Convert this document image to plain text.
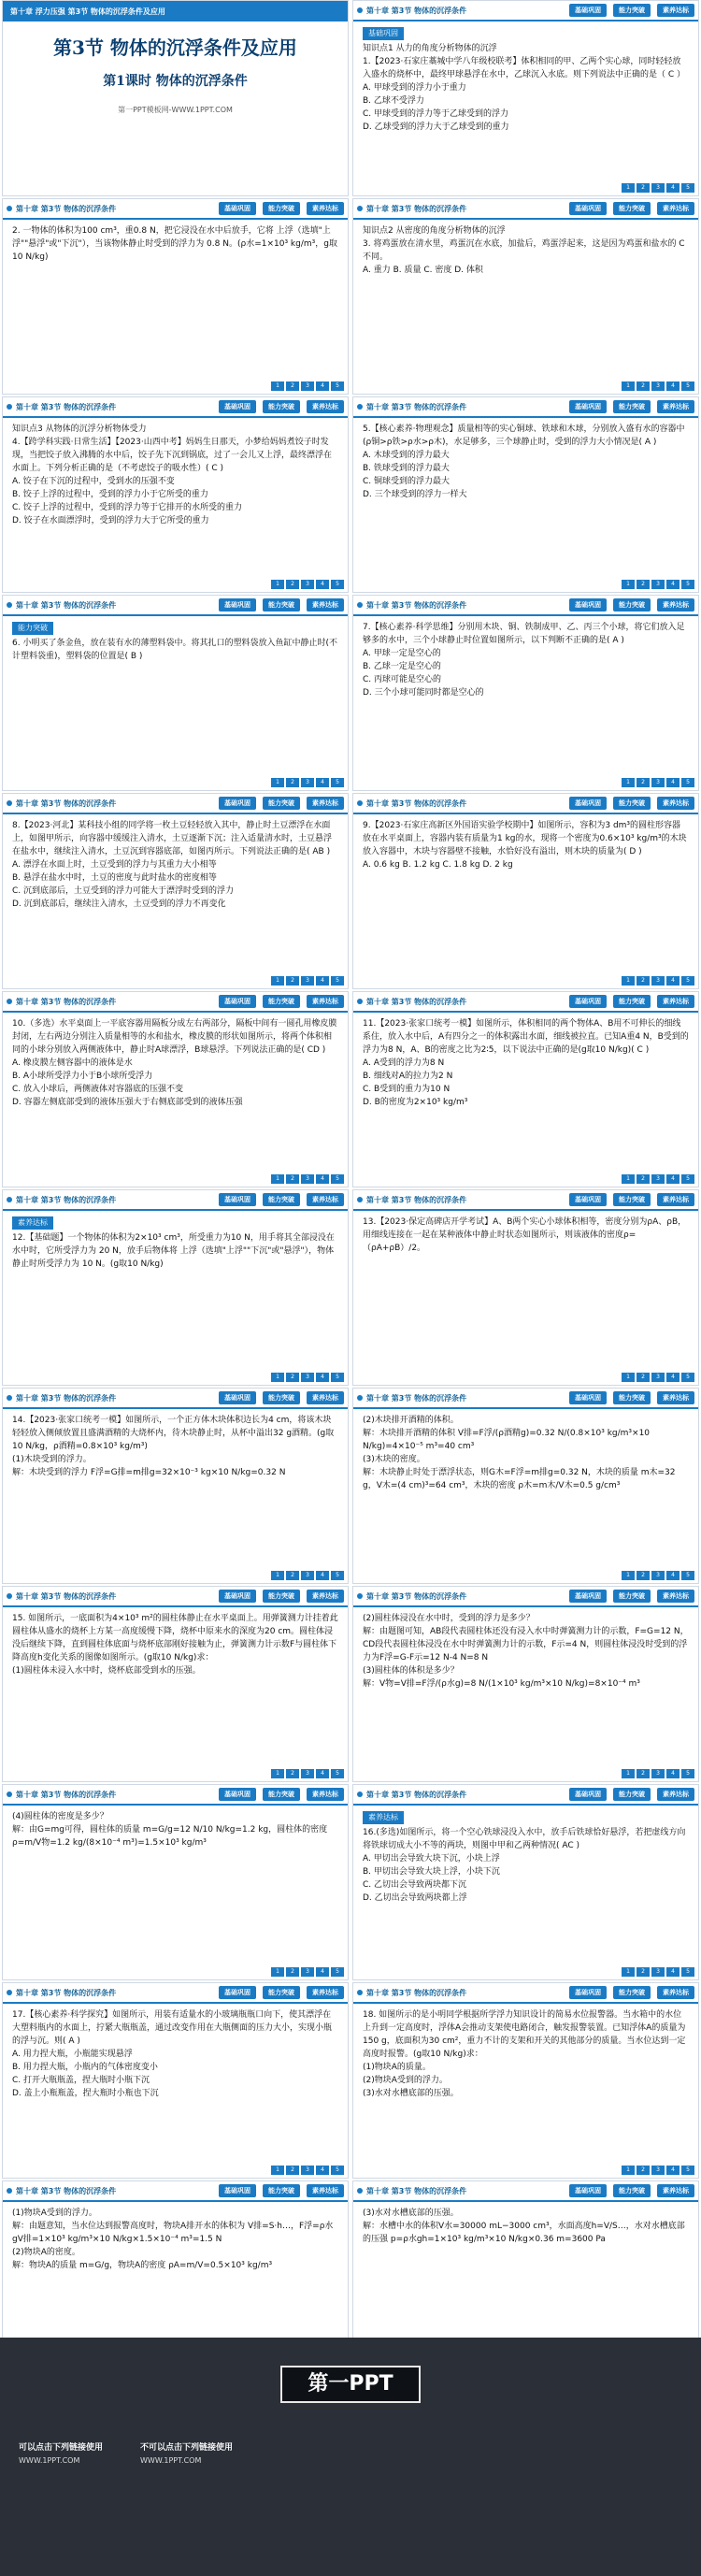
第十章 浮力压强 第3节 物体的沉浮条件及应用
第3节 物体的沉浮条件及应用
第1课时 物体的沉浮条件
第一PPT模板网-WWW.1PPT.COM
第十章 第3节 物体的沉浮条件	基础巩固	能力突破	素养达标
基础巩固

知识点1 从力的角度分析物体的沉浮
1.【2023·石家庄藁城中学八年级校联考】体积相同的甲、乙两个实心球，同时轻轻放入盛水的烧杯中，最终甲球悬浮在水中，乙球沉入水底。则下列说法中正确的是（ C ）
A. 甲球受到的浮力小于重力
B. 乙球不受浮力
C. 甲球受到的浮力等于乙球受到的浮力
D. 乙球受到的浮力大于乙球受到的重力

1	2	3	4	5
第十章 第3节 物体的沉浮条件	基础巩固	能力突破	素养达标

2. 一物体的体积为100 cm³，重0.8 N，把它浸没在水中后放手，它将 上浮（选填"上浮""悬浮"或"下沉"），当该物体静止时受到的浮力为 0.8 N。(ρ水=1×10³ kg/m³，g取10 N/kg)

1	2	3	4	5
第十章 第3节 物体的沉浮条件	基础巩固	能力突破	素养达标

知识点2 从密度的角度分析物体的沉浮
3. 将鸡蛋放在清水里，鸡蛋沉在水底，加盐后，鸡蛋浮起来，这是因为鸡蛋和盐水的 C 不同。
A. 重力 B. 质量 C. 密度 D. 体积

1	2	3	4	5
第十章 第3节 物体的沉浮条件	基础巩固	能力突破	素养达标

知识点3 从物体的沉浮分析物体受力
4.【跨学科实践·日常生活】【2023·山西中考】妈妈生日那天，小梦给妈妈煮饺子时发现，当把饺子放入沸腾的水中后，饺子先下沉到锅底，过了一会儿又上浮，最终漂浮在水面上。下列分析正确的是（不考虑饺子的吸水性）( C )
A. 饺子在下沉的过程中，受到水的压强不变
B. 饺子上浮的过程中，受到的浮力小于它所受的重力
C. 饺子上浮的过程中，受到的浮力等于它排开的水所受的重力
D. 饺子在水面漂浮时，受到的浮力大于它所受的重力

1	2	3	4	5
第十章 第3节 物体的沉浮条件	基础巩固	能力突破	素养达标

5.【核心素养·物理观念】质量相等的实心铜球、铁球和木球，分别放入盛有水的容器中(ρ铜>ρ铁>ρ水>ρ木)，水足够多，三个球静止时，受到的浮力大小情况是( A )
A. 木球受到的浮力最大
B. 铁球受到的浮力最大
C. 铜球受到的浮力最大
D. 三个球受到的浮力一样大

1	2	3	4	5
第十章 第3节 物体的沉浮条件	基础巩固	能力突破	素养达标
能力突破

6. 小明买了条金鱼，放在装有水的薄塑料袋中。将其扎口的塑料袋放入鱼缸中静止时(不计塑料袋重)，塑料袋的位置是( B )

1	2	3	4	5
第十章 第3节 物体的沉浮条件	基础巩固	能力突破	素养达标

7.【核心素养·科学思维】分别用木块、铜、铁制成甲、乙、丙三个小球，将它们放入足够多的水中，三个小球静止时位置如图所示，以下判断不正确的是( A )
A. 甲球一定是空心的
B. 乙球一定是空心的
C. 丙球可能是空心的
D. 三个小球可能同时都是空心的

1	2	3	4	5
第十章 第3节 物体的沉浮条件	基础巩固	能力突破	素养达标

8.【2023·河北】某科技小组的同学将一枚土豆轻轻放入其中，静止时土豆漂浮在水面上，如图甲所示，向容器中缓缓注入清水，土豆逐渐下沉；注入适量清水时，土豆悬浮在盐水中，继续注入清水，土豆沉到容器底部，如图丙所示。下列说法正确的是( AB )
A. 漂浮在水面上时，土豆受到的浮力与其重力大小相等
B. 悬浮在盐水中时，土豆的密度与此时盐水的密度相等
C. 沉到底部后，土豆受到的浮力可能大于漂浮时受到的浮力
D. 沉到底部后，继续注入清水，土豆受到的浮力不再变化

1	2	3	4	5
第十章 第3节 物体的沉浮条件	基础巩固	能力突破	素养达标

9.【2023·石家庄高新区外国语实验学校期中】如图所示，容积为3 dm³的圆柱形容器放在水平桌面上，容器内装有质量为1 kg的水，现将一个密度为0.6×10³ kg/m³的木块放入容器中，木块与容器壁不接触，水恰好没有溢出，则木块的质量为( D )
A. 0.6 kg B. 1.2 kg C. 1.8 kg D. 2 kg

1	2	3	4	5
第十章 第3节 物体的沉浮条件	基础巩固	能力突破	素养达标

10.（多选）水平桌面上一平底容器用隔板分成左右两部分，隔板中间有一圆孔用橡皮膜封闭，左右两边分别注入质量相等的水和盐水，橡皮膜的形状如图所示，将两个体积相同的小球分别放入两侧液体中，静止时A球漂浮，B球悬浮。下列说法正确的是( CD )
A. 橡皮膜左侧容器中的液体是水
B. A小球所受浮力小于B小球所受浮力
C. 放入小球后，两侧液体对容器底的压强不变
D. 容器左侧底部受到的液体压强大于右侧底部受到的液体压强

1	2	3	4	5
第十章 第3节 物体的沉浮条件	基础巩固	能力突破	素养达标

11.【2023·张家口统考一模】如图所示，体积相同的两个物体A、B用不可伸长的细线系住，放入水中后，A有四分之一的体积露出水面，细线被拉直。已知A重4 N，B受到的浮力为8 N，A、B的密度之比为2∶5，以下说法中正确的是(g取10 N/kg)( C )
A. A受到的浮力为8 N
B. 细线对A的拉力为2 N
C. B受到的重力为10 N
D. B的密度为2×10³ kg/m³

1	2	3	4	5
第十章 第3节 物体的沉浮条件	基础巩固	能力突破	素养达标
素养达标

12.【基础题】一个物体的体积为2×10³ cm³，所受重力为10 N，用手将其全部浸没在水中时，它所受浮力为 20 N，放手后物体将 上浮（选填"上浮""下沉"或"悬浮"），物体静止时所受浮力为 10 N。(g取10 N/kg)

1	2	3	4	5
第十章 第3节 物体的沉浮条件	基础巩固	能力突破	素养达标

13.【2023·保定高碑店开学考试】A、B两个实心小球体积相等，密度分别为ρA、ρB，用细线连接在一起在某种液体中静止时状态如图所示，则该液体的密度ρ=（ρA+ρB）/2。

1	2	3	4	5
第十章 第3节 物体的沉浮条件	基础巩固	能力突破	素养达标

14.【2023·张家口统考一模】如图所示，一个正方体木块体积边长为4 cm，将该木块轻轻放入侧倾放置且盛满酒精的大烧杯内，待木块静止时，从杯中溢出32 g酒精。(g取10 N/kg，ρ酒精=0.8×10³ kg/m³)
(1)木块受到的浮力。
解：木块受到的浮力 F浮=G排=m排g=32×10⁻³ kg×10 N/kg=0.32 N

1	2	3	4	5
第十章 第3节 物体的沉浮条件	基础巩固	能力突破	素养达标

(2)木块排开酒精的体积。
解：木块排开酒精的体积 V排=F浮/(ρ酒精g)=0.32 N/(0.8×10³ kg/m³×10 N/kg)=4×10⁻⁵ m³=40 cm³
(3)木块的密度。
解：木块静止时处于漂浮状态，则G木=F浮=m排g=0.32 N，木块的质量 m木=32 g，V木=(4 cm)³=64 cm³，木块的密度 ρ木=m木/V木=0.5 g/cm³

1	2	3	4	5
第十章 第3节 物体的沉浮条件	基础巩固	能力突破	素养达标

15. 如图所示，一底面积为4×10³ m²的圆柱体静止在水平桌面上。用弹簧测力计挂着此圆柱体从盛水的烧杯上方某一高度缓慢下降，烧杯中原来水的深度为20 cm。圆柱体浸没后继续下降，直到圆柱体底面与烧杯底部刚好接触为止，弹簧测力计示数F与圆柱体下降高度h变化关系的图像如图所示。(g取10 N/kg)求：
(1)圆柱体未浸入水中时，烧杯底部受到水的压强。

1	2	3	4	5
第十章 第3节 物体的沉浮条件	基础巩固	能力突破	素养达标

(2)圆柱体浸没在水中时，受到的浮力是多少？
解：由题图可知，AB段代表圆柱体还没有浸入水中时弹簧测力计的示数，F=G=12 N，CD段代表圆柱体浸没在水中时弹簧测力计的示数，F示=4 N，则圆柱体浸没时受到的浮力为F浮=G-F示=12 N-4 N=8 N
(3)圆柱体的体积是多少？
解：V物=V排=F浮/(ρ水g)=8 N/(1×10³ kg/m³×10 N/kg)=8×10⁻⁴ m³

1	2	3	4	5
第十章 第3节 物体的沉浮条件	基础巩固	能力突破	素养达标

(4)圆柱体的密度是多少？
解：由G=mg可得，圆柱体的质量 m=G/g=12 N/10 N/kg=1.2 kg，圆柱体的密度 ρ=m/V物=1.2 kg/(8×10⁻⁴ m³)=1.5×10³ kg/m³

1	2	3	4	5
第十章 第3节 物体的沉浮条件	基础巩固	能力突破	素养达标
素养达标

16.(多选)如图所示，将一个空心铁球浸没入水中，放手后铁球恰好悬浮，若把虚线方向将铁球切成大小不等的两块，则图中甲和乙两种情况( AC )
A. 甲切出会导致大块下沉，小块上浮
B. 甲切出会导致大块上浮，小块下沉
C. 乙切出会导致两块都下沉
D. 乙切出会导致两块都上浮

1	2	3	4	5
第十章 第3节 物体的沉浮条件	基础巩固	能力突破	素养达标

17.【核心素养·科学探究】如图所示，用装有适量水的小玻璃瓶瓶口向下，使其漂浮在大塑料瓶内的水面上，拧紧大瓶瓶盖，通过改变作用在大瓶侧面的压力大小，实现小瓶的浮与沉。则( A )
A. 用力捏大瓶，小瓶能实现悬浮
B. 用力捏大瓶，小瓶内的气体密度变小
C. 打开大瓶瓶盖，捏大瓶时小瓶下沉
D. 盖上小瓶瓶盖，捏大瓶时小瓶也下沉

1	2	3	4	5
第十章 第3节 物体的沉浮条件	基础巩固	能力突破	素养达标

18. 如图所示的是小明同学根据所学浮力知识设计的简易水位报警器。当水箱中的水位上升到一定高度时，浮体A会推动支架使电路闭合，触发报警装置。已知浮体A的质量为150 g，底面积为30 cm²，重力不计的支架和开关的其他部分的质量。当水位达到一定高度时报警。(g取10 N/kg)求：
(1)物块A的质量。
(2)物块A受到的浮力。
(3)水对水槽底部的压强。

1	2	3	4	5
第十章 第3节 物体的沉浮条件	基础巩固	能力突破	素养达标

(1)物块A受到的浮力。
解：由题意知，当水位达到报警高度时，物块A排开水的体积为 V排=S·h…，F浮=ρ水gV排=1×10³ kg/m³×10 N/kg×1.5×10⁻⁴ m³=1.5 N
(2)物块A的密度。
解：物块A的质量 m=G/g，物块A的密度 ρA=m/V=0.5×10³ kg/m³

第十章 第3节 物体的沉浮条件	基础巩固	能力突破	素养达标

(3)水对水槽底部的压强。
解：水槽中水的体积V水=30000 mL−3000 cm³，水面高度h=V/S…，水对水槽底部的压强 p=ρ水gh=1×10³ kg/m³×10 N/kg×0.36 m=3600 Pa

第一PPT
可以点击下列链接使用
WWW.1PPT.COM
不可以点击下列链接使用
WWW.1PPT.COM
